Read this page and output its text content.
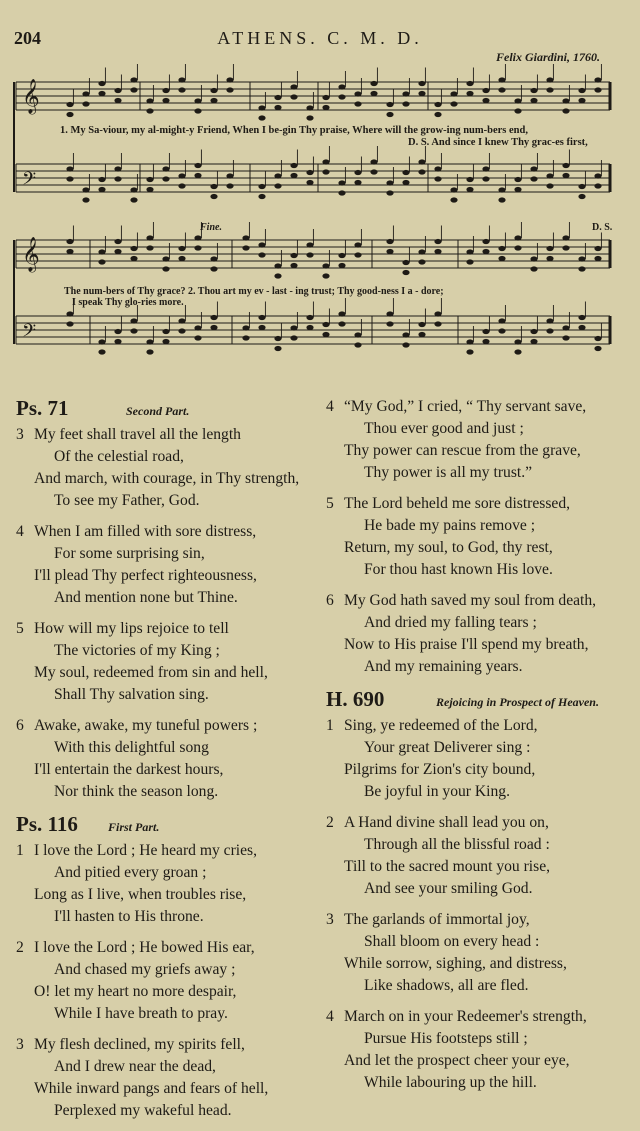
204	ATHENS. C. M. D.
Felix Giardini, 1760.
𝄞
𝄢
𝄞
𝄢
1. My Sa-viour, my al-might-y Friend, When I be-gin Thy praise, Where will the grow-ing num-bers end,
D. S. And since I knew Thy grac-es first,
The num-bers of Thy grace? 2. Thou art my ev - last - ing trust; Thy good-ness I a - dore;
I speak Thy glo-ries more.
Fine.	D. S.
Ps. 71	Second Part.
3 My feet shall travel all the length
Of the celestial road,
And march, with courage, in Thy strength,
To see my Father, God.
4 When I am filled with sore distress,
For some surprising sin,
I'll plead Thy perfect righteousness,
And mention none but Thine.
5 How will my lips rejoice to tell
The victories of my King ;
My soul, redeemed from sin and hell,
Shall Thy salvation sing.
6 Awake, awake, my tuneful powers ;
With this delightful song
I'll entertain the darkest hours,
Nor think the season long.
Ps. 116	First Part.
1 I love the Lord ; He heard my cries,
And pitied every groan ;
Long as I live, when troubles rise,
I'll hasten to His throne.
2 I love the Lord ; He bowed His ear,
And chased my griefs away ;
O! let my heart no more despair,
While I have breath to pray.
3 My flesh declined, my spirits fell,
And I drew near the dead,
While inward pangs and fears of hell,
Perplexed my wakeful head.
4 “My God,” I cried, “ Thy servant save,
Thou ever good and just ;
Thy power can rescue from the grave,
Thy power is all my trust.”
5 The Lord beheld me sore distressed,
He bade my pains remove ;
Return, my soul, to God, thy rest,
For thou hast known His love.
6 My God hath saved my soul from death,
And dried my falling tears ;
Now to His praise I'll spend my breath,
And my remaining years.
H. 690	Rejoicing in Prospect of Heaven.
1 Sing, ye redeemed of the Lord,
Your great Deliverer sing :
Pilgrims for Zion's city bound,
Be joyful in your King.
2 A Hand divine shall lead you on,
Through all the blissful road :
Till to the sacred mount you rise,
And see your smiling God.
3 The garlands of immortal joy,
Shall bloom on every head :
While sorrow, sighing, and distress,
Like shadows, all are fled.
4 March on in your Redeemer's strength,
Pursue His footsteps still ;
And let the prospect cheer your eye,
While labouring up the hill.
